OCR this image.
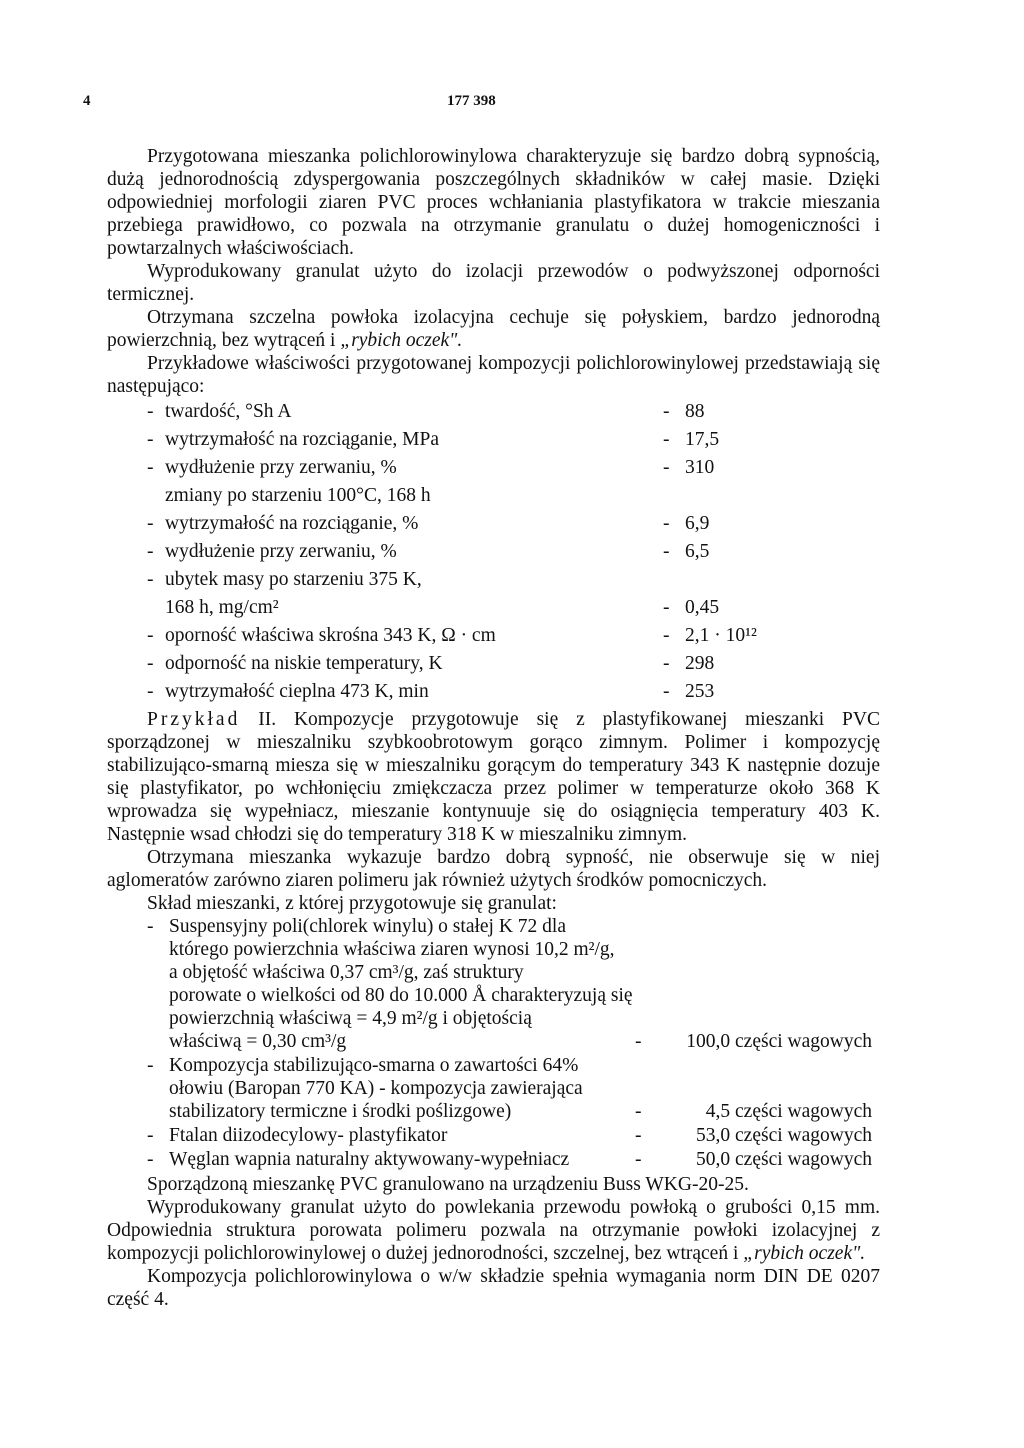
4	177 398

Przygotowana mieszanka polichlorowinylowa charakteryzuje się bardzo dobrą sypnością, dużą jednorodnością zdyspergowania poszczególnych składników w całej masie. Dzięki odpowiedniej morfologii ziaren PVC proces wchłaniania plastyfikatora w trakcie mieszania przebiega prawidłowo, co pozwala na otrzymanie granulatu o dużej homogeniczności i powtarzalnych właściwościach.

Wyprodukowany granulat użyto do izolacji przewodów o podwyższonej odporności termicznej.

Otrzymana szczelna powłoka izolacyjna cechuje się połyskiem, bardzo jednorodną powierzchnią, bez wytrąceń i „rybich oczek".

Przykładowe właściwości przygotowanej kompozycji polichlorowinylowej przedstawiają się następująco:

- twardość, °Sh A	- 88
- wytrzymałość na rozciąganie, MPa	- 17,5
- wydłużenie przy zerwaniu, %	- 310
zmiany po starzeniu 100°C, 168 h
- wytrzymałość na rozciąganie, %	- 6,9
- wydłużenie przy zerwaniu, %	- 6,5
- ubytek masy po starzeniu 375 K,
168 h, mg/cm²	- 0,45
- oporność właściwa skrośna 343 K, Ω · cm	- 2,1 · 10¹²
- odporność na niskie temperatury, K	- 298
- wytrzymałość cieplna 473 K, min	- 253

Przykład II. Kompozycje przygotowuje się z plastyfikowanej mieszanki PVC sporządzonej w mieszalniku szybkoobrotowym gorąco zimnym. Polimer i kompozycję stabilizująco-smarną miesza się w mieszalniku gorącym do temperatury 343 K następnie dozuje się plastyfikator, po wchłonięciu zmiękczacza przez polimer w temperaturze około 368 K wprowadza się wypełniacz, mieszanie kontynuuje się do osiągnięcia temperatury 403 K. Następnie wsad chłodzi się do temperatury 318 K w mieszalniku zimnym.

Otrzymana mieszanka wykazuje bardzo dobrą sypność, nie obserwuje się w niej aglomeratów zarówno ziaren polimeru jak również użytych środków pomocniczych.

Skład mieszanki, z której przygotowuje się granulat:

- Suspensyjny poli(chlorek winylu) o stałej K 72 dla
którego powierzchnia właściwa ziaren wynosi 10,2 m²/g,
a objętość właściwa 0,37 cm³/g, zaś struktury
porowate o wielkości od 80 do 10.000 Å charakteryzują się
powierzchnią właściwą = 4,9 m²/g i objętością
właściwą = 0,30 cm³/g	-	100,0 części wagowych
- Kompozycja stabilizująco-smarna o zawartości 64%
ołowiu (Baropan 770 KA) - kompozycja zawierająca
stabilizatory termiczne i środki poślizgowe)	-	4,5 części wagowych
- Ftalan diizodecylowy- plastyfikator	-	53,0 części wagowych
- Węglan wapnia naturalny aktywowany-wypełniacz	-	50,0 części wagowych

Sporządzoną mieszankę PVC granulowano na urządzeniu Buss WKG-20-25.

Wyprodukowany granulat użyto do powlekania przewodu powłoką o grubości 0,15 mm. Odpowiednia struktura porowata polimeru pozwala na otrzymanie powłoki izolacyjnej z kompozycji polichlorowinylowej o dużej jednorodności, szczelnej, bez wtrąceń i „rybich oczek".

Kompozycja polichlorowinylowa o w/w składzie spełnia wymagania norm DIN DE 0207 część 4.
